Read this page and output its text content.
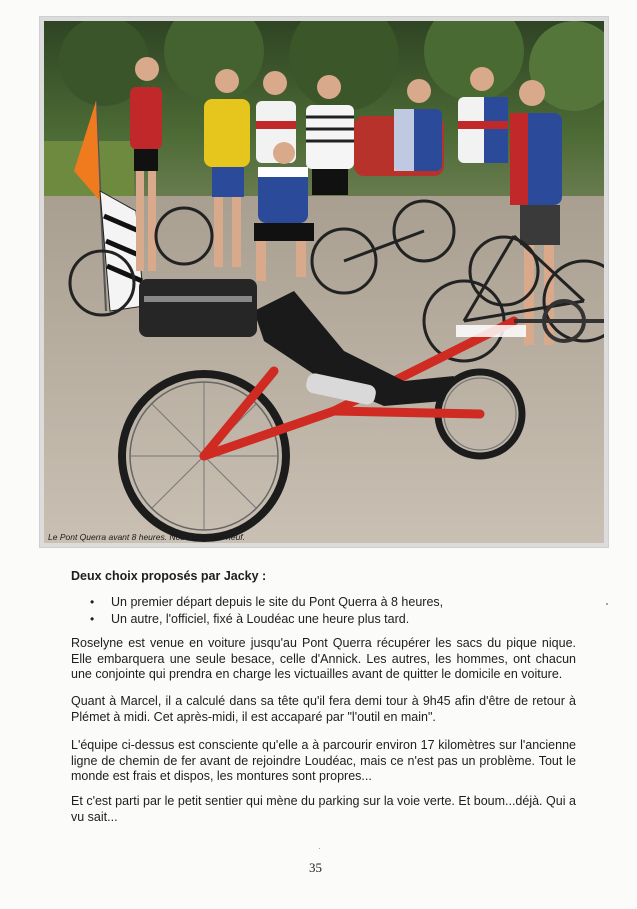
Le Pont Querra avant 8 heures. Nous sommes neuf.
Deux choix proposés par Jacky :
• Un premier départ depuis le site du Pont Querra à 8 heures,
• Un autre, l'officiel, fixé à Loudéac une heure plus tard.

Roselyne est venue en voiture jusqu'au Pont Querra récupérer les sacs du pique nique. Elle embarquera une seule besace, celle d'Annick. Les autres, les hommes, ont chacun une conjointe qui prendra en charge les victuailles avant de quitter le domicile en voiture.

Quant à Marcel, il a calculé dans sa tête qu'il fera demi tour à 9h45 afin d'être de retour à Plémet à midi. Cet après-midi, il est accaparé par "l'outil en main".

L'équipe ci-dessus est consciente qu'elle a à parcourir environ 17 kilomètres sur l'ancienne ligne de chemin de fer avant de rejoindre Loudéac, mais ce n'est pas un problème. Tout le monde est frais et dispos, les montures sont propres...

Et c'est parti par le petit sentier qui mène du parking sur la voie verte. Et boum...déjà. Qui a vu sait...

35
